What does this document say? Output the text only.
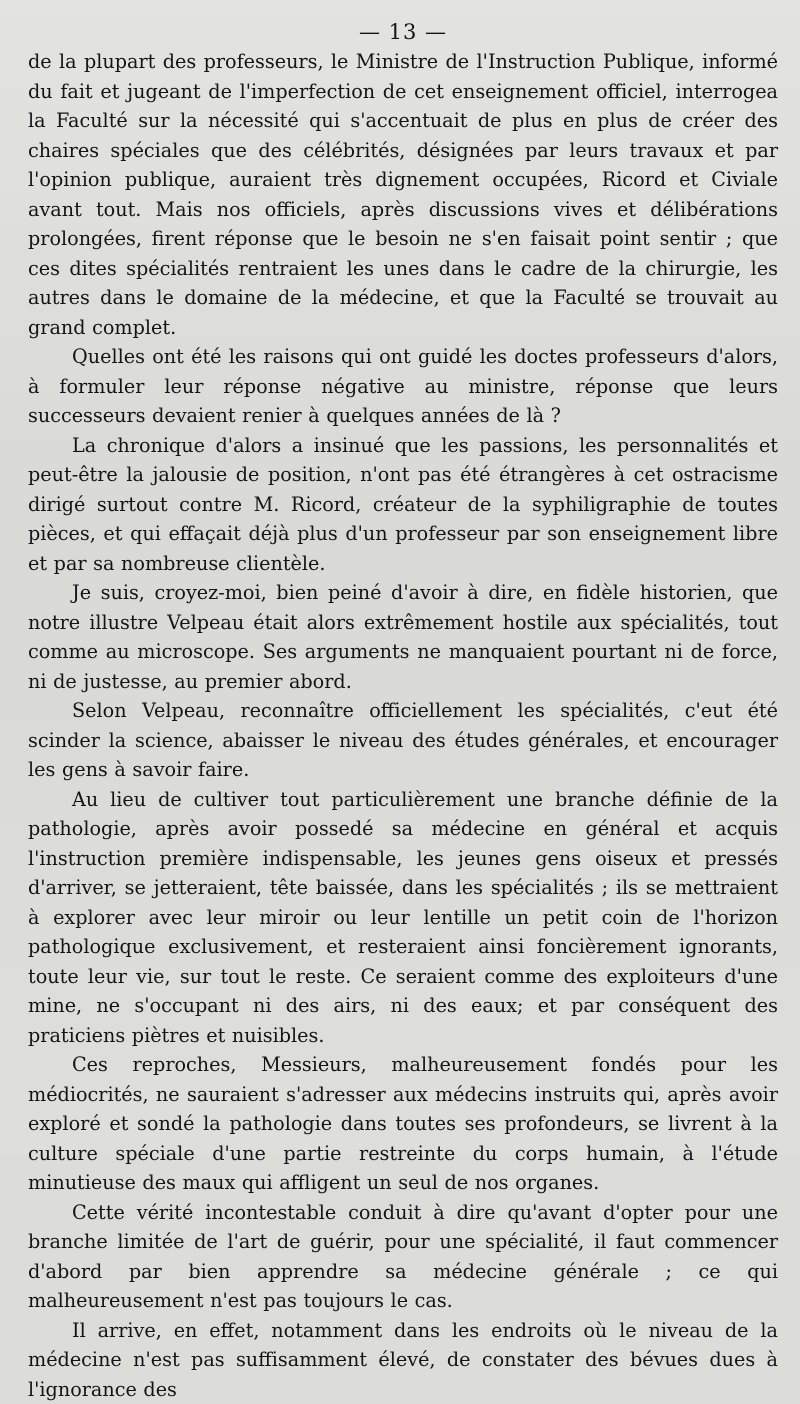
— 13 —

de la plupart des professeurs, le Ministre de l'Instruction Publique, informé du fait et jugeant de l'imperfection de cet enseignement officiel, interrogea la Faculté sur la nécessité qui s'accentuait de plus en plus de créer des chaires spéciales que des célébrités, désignées par leurs travaux et par l'opinion publique, auraient très dignement occupées, Ricord et Civiale avant tout. Mais nos officiels, après discussions vives et délibérations prolongées, firent réponse que le besoin ne s'en faisait point sentir ; que ces dites spécialités rentraient les unes dans le cadre de la chirurgie, les autres dans le domaine de la médecine, et que la Faculté se trouvait au grand complet.

Quelles ont été les raisons qui ont guidé les doctes professeurs d'alors, à formuler leur réponse négative au ministre, réponse que leurs successeurs devaient renier à quelques années de là ?

La chronique d'alors a insinué que les passions, les personnalités et peut-être la jalousie de position, n'ont pas été étrangères à cet ostracisme dirigé surtout contre M. Ricord, créateur de la syphiligraphie de toutes pièces, et qui effaçait déjà plus d'un professeur par son enseignement libre et par sa nombreuse clientèle.

Je suis, croyez-moi, bien peiné d'avoir à dire, en fidèle historien, que notre illustre Velpeau était alors extrêmement hostile aux spécialités, tout comme au microscope. Ses arguments ne manquaient pourtant ni de force, ni de justesse, au premier abord.

Selon Velpeau, reconnaître officiellement les spécialités, c'eut été scinder la science, abaisser le niveau des études générales, et encourager les gens à savoir faire.

Au lieu de cultiver tout particulièrement une branche définie de la pathologie, après avoir possedé sa médecine en général et acquis l'instruction première indispensable, les jeunes gens oiseux et pressés d'arriver, se jetteraient, tête baissée, dans les spécialités ; ils se mettraient à explorer avec leur miroir ou leur lentille un petit coin de l'horizon pathologique exclusivement, et resteraient ainsi foncièrement ignorants, toute leur vie, sur tout le reste. Ce seraient comme des exploiteurs d'une mine, ne s'occupant ni des airs, ni des eaux; et par conséquent des praticiens piètres et nuisibles.

Ces reproches, Messieurs, malheureusement fondés pour les médiocrités, ne sauraient s'adresser aux médecins instruits qui, après avoir exploré et sondé la pathologie dans toutes ses profondeurs, se livrent à la culture spéciale d'une partie restreinte du corps humain, à l'étude minutieuse des maux qui affligent un seul de nos organes.

Cette vérité incontestable conduit à dire qu'avant d'opter pour une branche limitée de l'art de guérir, pour une spécialité, il faut commencer d'abord par bien apprendre sa médecine générale ; ce qui malheureusement n'est pas toujours le cas.

Il arrive, en effet, notamment dans les endroits où le niveau de la médecine n'est pas suffisamment élevé, de constater des bévues dues à l'ignorance des
